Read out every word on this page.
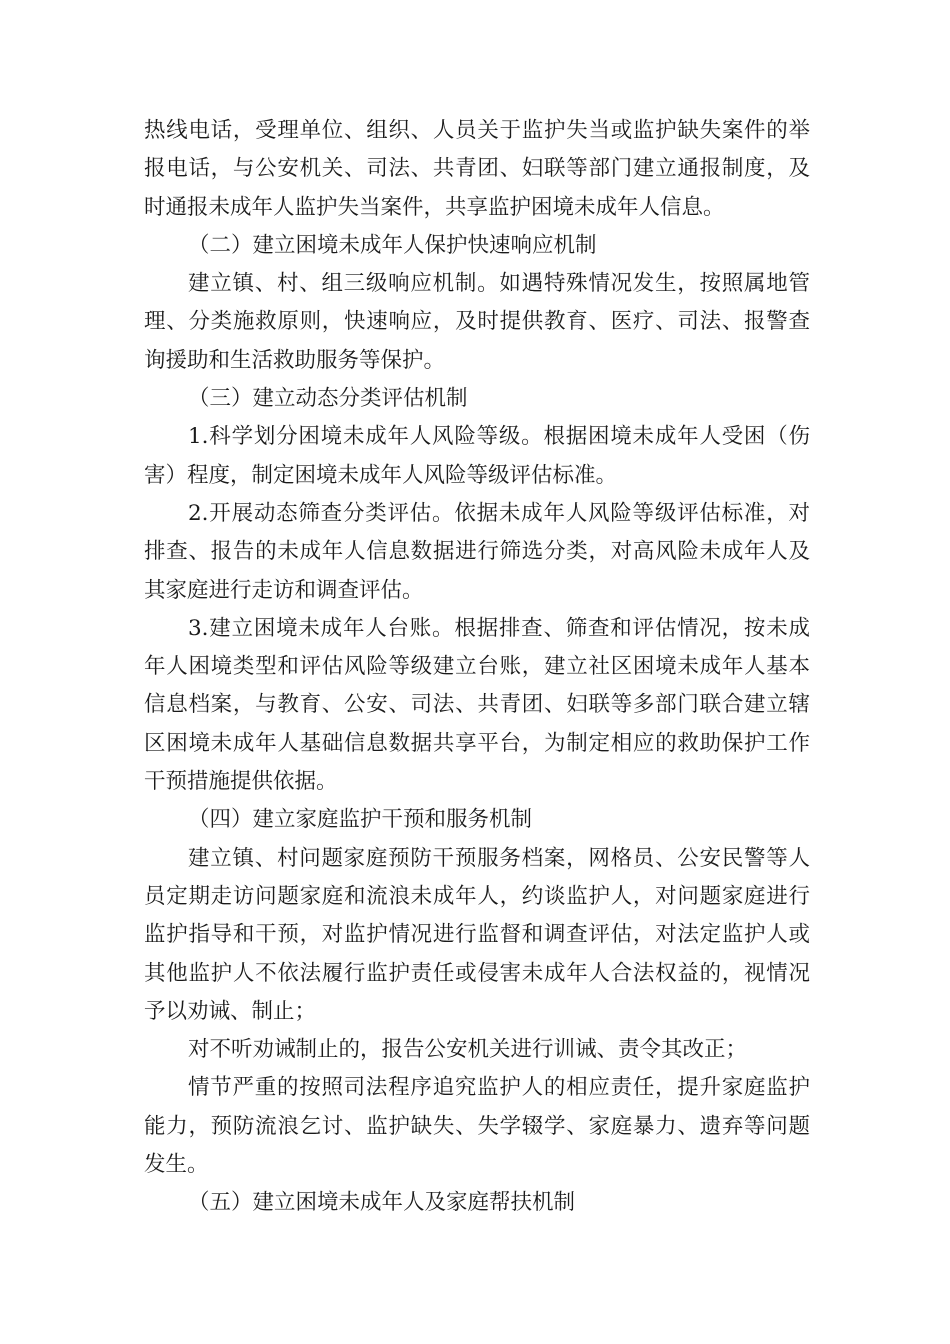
热线电话，受理单位、组织、人员关于监护失当或监护缺失案件的举报电话，与公安机关、司法、共青团、妇联等部门建立通报制度，及时通报未成年人监护失当案件，共享监护困境未成年人信息。

（二）建立困境未成年人保护快速响应机制

建立镇、村、组三级响应机制。如遇特殊情况发生，按照属地管理、分类施救原则，快速响应，及时提供教育、医疗、司法、报警查询援助和生活救助服务等保护。

（三）建立动态分类评估机制

1.科学划分困境未成年人风险等级。根据困境未成年人受困（伤害）程度，制定困境未成年人风险等级评估标准。

2.开展动态筛查分类评估。依据未成年人风险等级评估标准，对排查、报告的未成年人信息数据进行筛选分类，对高风险未成年人及其家庭进行走访和调查评估。

3.建立困境未成年人台账。根据排查、筛查和评估情况，按未成年人困境类型和评估风险等级建立台账，建立社区困境未成年人基本信息档案，与教育、公安、司法、共青团、妇联等多部门联合建立辖区困境未成年人基础信息数据共享平台，为制定相应的救助保护工作干预措施提供依据。

（四）建立家庭监护干预和服务机制

建立镇、村问题家庭预防干预服务档案，网格员、公安民警等人员定期走访问题家庭和流浪未成年人，约谈监护人，对问题家庭进行监护指导和干预，对监护情况进行监督和调查评估，对法定监护人或其他监护人不依法履行监护责任或侵害未成年人合法权益的，视情况予以劝诫、制止；

对不听劝诫制止的，报告公安机关进行训诫、责令其改正；

情节严重的按照司法程序追究监护人的相应责任，提升家庭监护能力，预防流浪乞讨、监护缺失、失学辍学、家庭暴力、遗弃等问题发生。

（五）建立困境未成年人及家庭帮扶机制
